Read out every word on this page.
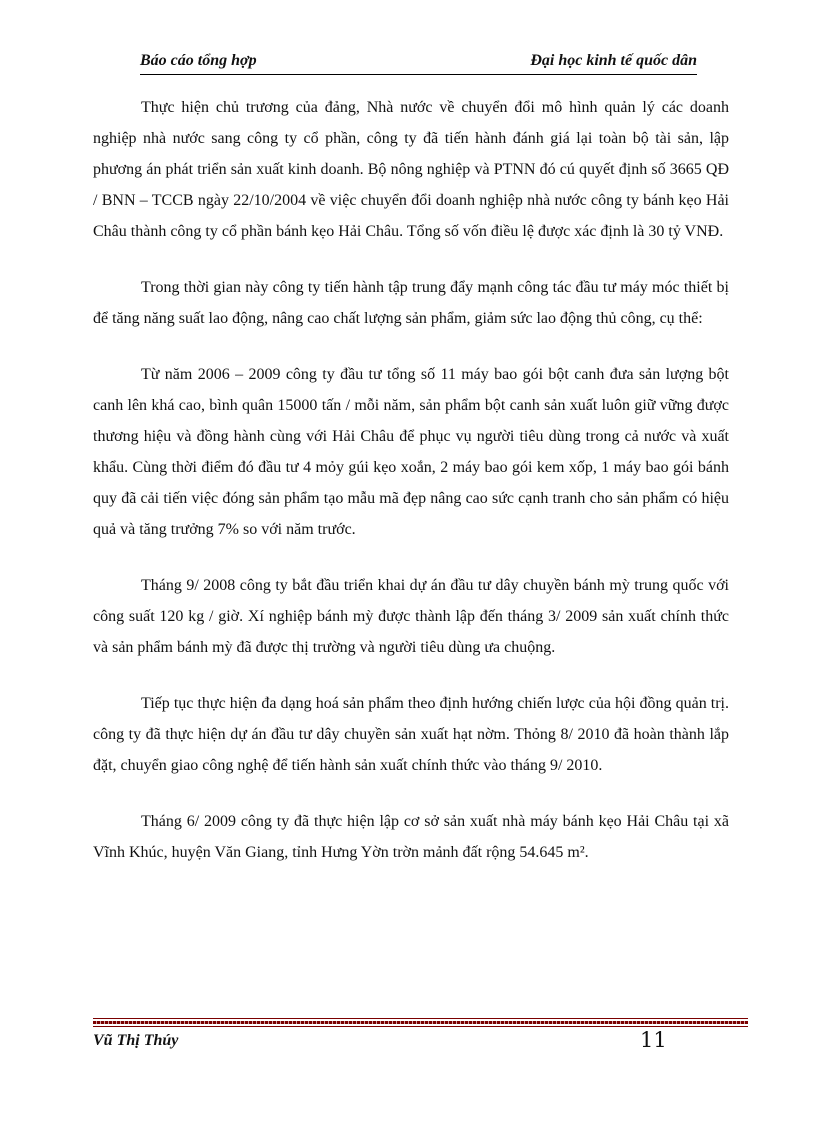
Báo cáo tổng hợp	Đại học kinh tế quốc dân

Thực hiện chủ trương của đảng, Nhà nước về chuyển đổi mô hình quản lý các doanh nghiệp nhà nước sang công ty cổ phần, công ty đã tiến hành đánh giá lại toàn bộ tài sản, lập phương án phát triển sản xuất kinh doanh. Bộ nông nghiệp và PTNN đó cú quyết định số 3665 QĐ / BNN – TCCB ngày 22/10/2004 về việc chuyển đổi doanh nghiệp nhà nước công ty bánh kẹo Hải Châu thành công ty cổ phần bánh kẹo Hải Châu. Tổng số vốn điều lệ được xác định là 30 tỷ VNĐ.

Trong thời gian này công ty tiến hành tập trung đẩy mạnh công tác đầu tư máy móc thiết bị để tăng năng suất lao động, nâng cao chất lượng sản phẩm, giảm sức lao động thủ công, cụ thể:

Từ năm 2006 – 2009 công ty đầu tư tổng số 11 máy bao gói bột canh đưa sản lượng bột canh lên khá cao, bình quân 15000 tấn / mỗi năm, sản phẩm bột canh sản xuất luôn giữ vững được thương hiệu và đồng hành cùng với Hải Châu để phục vụ người tiêu dùng trong cả nước và xuất khẩu. Cùng thời điểm đó đầu tư 4 mỏy gúi kẹo xoắn, 2 máy bao gói kem xốp, 1 máy bao gói bánh quy đã cải tiến việc đóng sản phẩm tạo mẫu mã đẹp nâng cao sức cạnh tranh cho sản phẩm có hiệu quả và tăng trưởng 7% so với năm trước.

Tháng 9/ 2008 công ty bắt đầu triển khai dự án đầu tư dây chuyền bánh mỳ trung quốc với công suất 120 kg / giờ. Xí nghiệp bánh mỳ được thành lập đến tháng 3/ 2009 sản xuất chính thức và sản phẩm bánh mỳ đã được thị trường và người tiêu dùng ưa chuộng.

Tiếp tục thực hiện đa dạng hoá sản phẩm theo định hướng chiến lược của hội đồng quản trị. công ty đã thực hiện dự án đầu tư dây chuyền sản xuất hạt nờm. Thỏng 8/ 2010 đã hoàn thành lắp đặt, chuyển giao công nghệ để tiến hành sản xuất chính thức vào tháng 9/ 2010.

Tháng 6/ 2009 công ty đã thực hiện lập cơ sở sản xuất nhà máy bánh kẹo Hải Châu tại xã Vĩnh Khúc, huyện Văn Giang, tỉnh Hưng Yờn trờn mảnh đất rộng 54.645 m².

Vũ Thị Thúy	11
